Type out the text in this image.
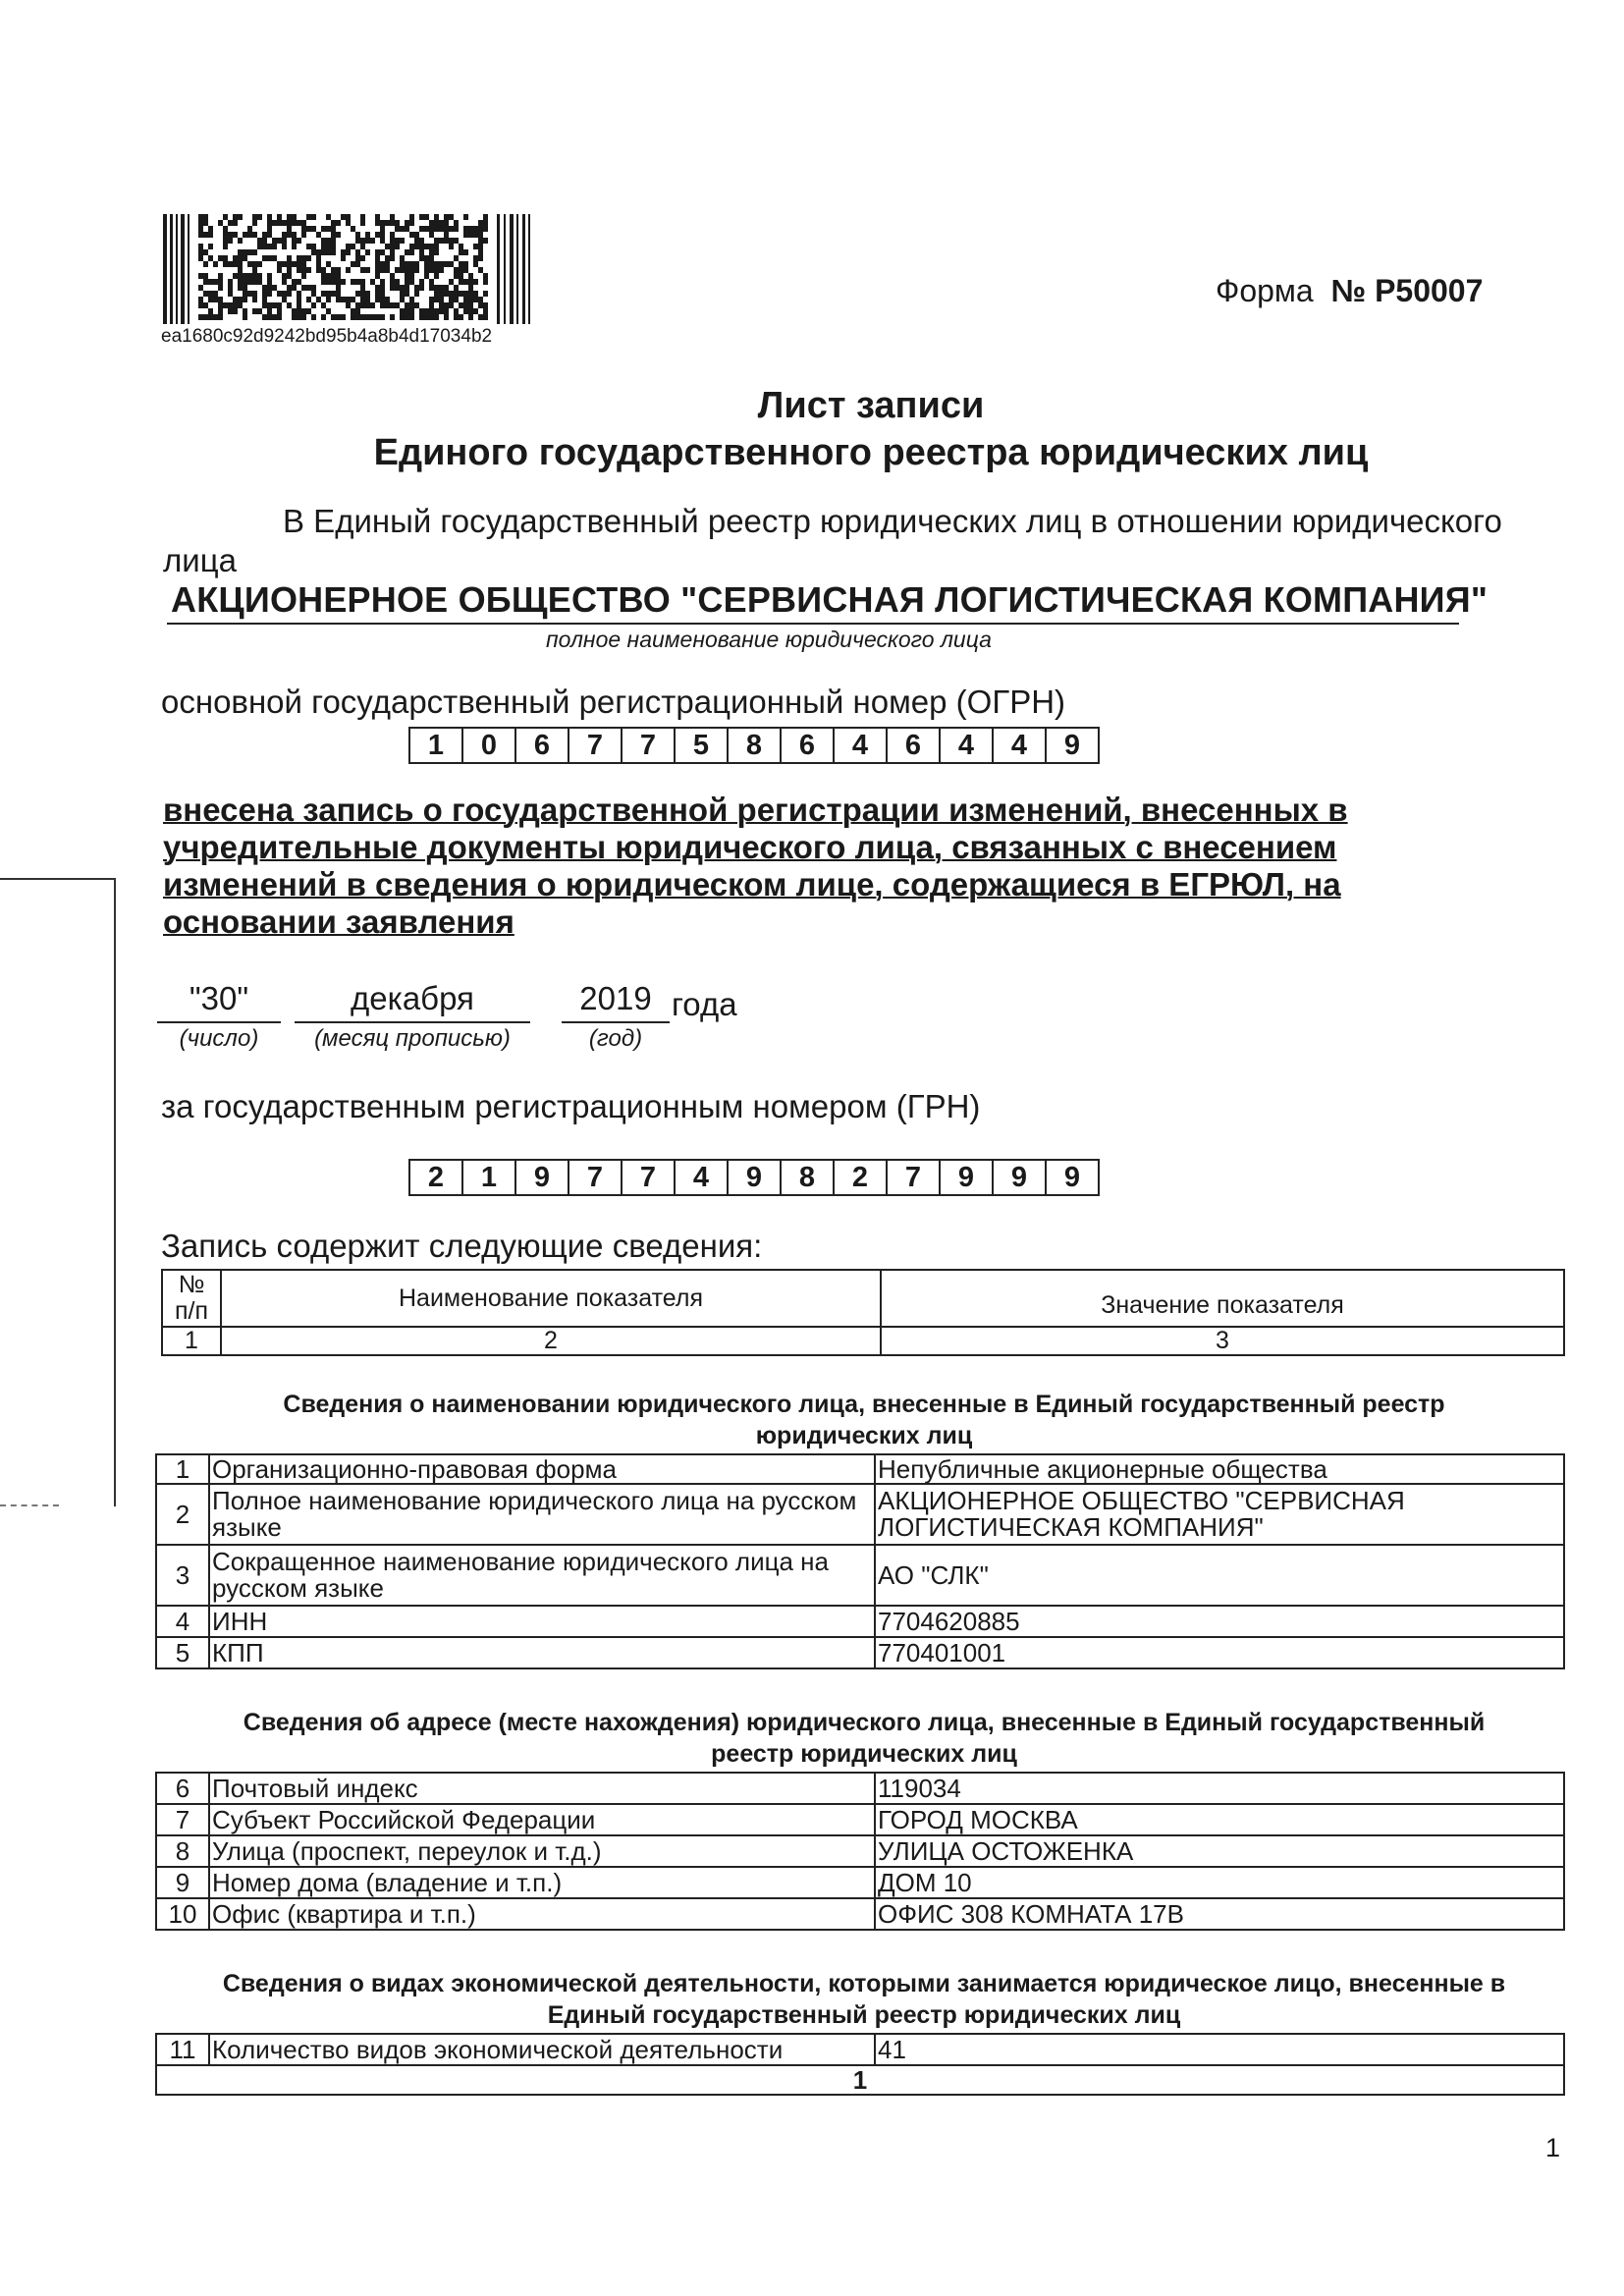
ea1680c92d9242bd95b4a8b4d17034b2
Форма № Р50007
Лист записи
Единого государственного реестра юридических лиц
В Единый государственный реестр юридических лиц в отношении юридического
лица
АКЦИОНЕРНОЕ ОБЩЕСТВО "СЕРВИСНАЯ ЛОГИСТИЧЕСКАЯ КОМПАНИЯ"
полное наименование юридического лица
основной государственный регистрационный номер (ОГРН)
1	0	6	7	7	5	8	6	4	6	4	4	9
внесена запись о государственной регистрации изменений, внесенных в
учредительные документы юридического лица, связанных с внесением
изменений в сведения о юридическом лице, содержащиеся в ЕГРЮЛ, на
основании заявления
"30"
(число)
декабря
(месяц прописью)
2019
(год)
года
за государственным регистрационным номером (ГРН)
2	1	9	7	7	4	9	8	2	7	9	9	9
Запись содержит следующие сведения:
№
п/п	Наименование показателя	Значение показателя
1	2	3
Сведения о наименовании юридического лица, внесенные в Единый государственный реестр
юридических лиц
1	Организационно-правовая форма	Непубличные акционерные общества
2	Полное наименование юридического лица на русском языке	АКЦИОНЕРНОЕ ОБЩЕСТВО "СЕРВИСНАЯ ЛОГИСТИЧЕСКАЯ КОМПАНИЯ"
3	Сокращенное наименование юридического лица на русском языке	АО "СЛК"
4	ИНН	7704620885
5	КПП	770401001
Сведения об адресе (месте нахождения) юридического лица, внесенные в Единый государственный
реестр юридических лиц
6	Почтовый индекс	119034
7	Субъект Российской Федерации	ГОРОД МОСКВА
8	Улица (проспект, переулок и т.д.)	УЛИЦА ОСТОЖЕНКА
9	Номер дома (владение и т.п.)	ДОМ 10
10	Офис (квартира и т.п.)	ОФИС 308 КОМНАТА 17В
Сведения о видах экономической деятельности, которыми занимается юридическое лицо, внесенные в
Единый государственный реестр юридических лиц
11	Количество видов экономической деятельности	41
1
1
